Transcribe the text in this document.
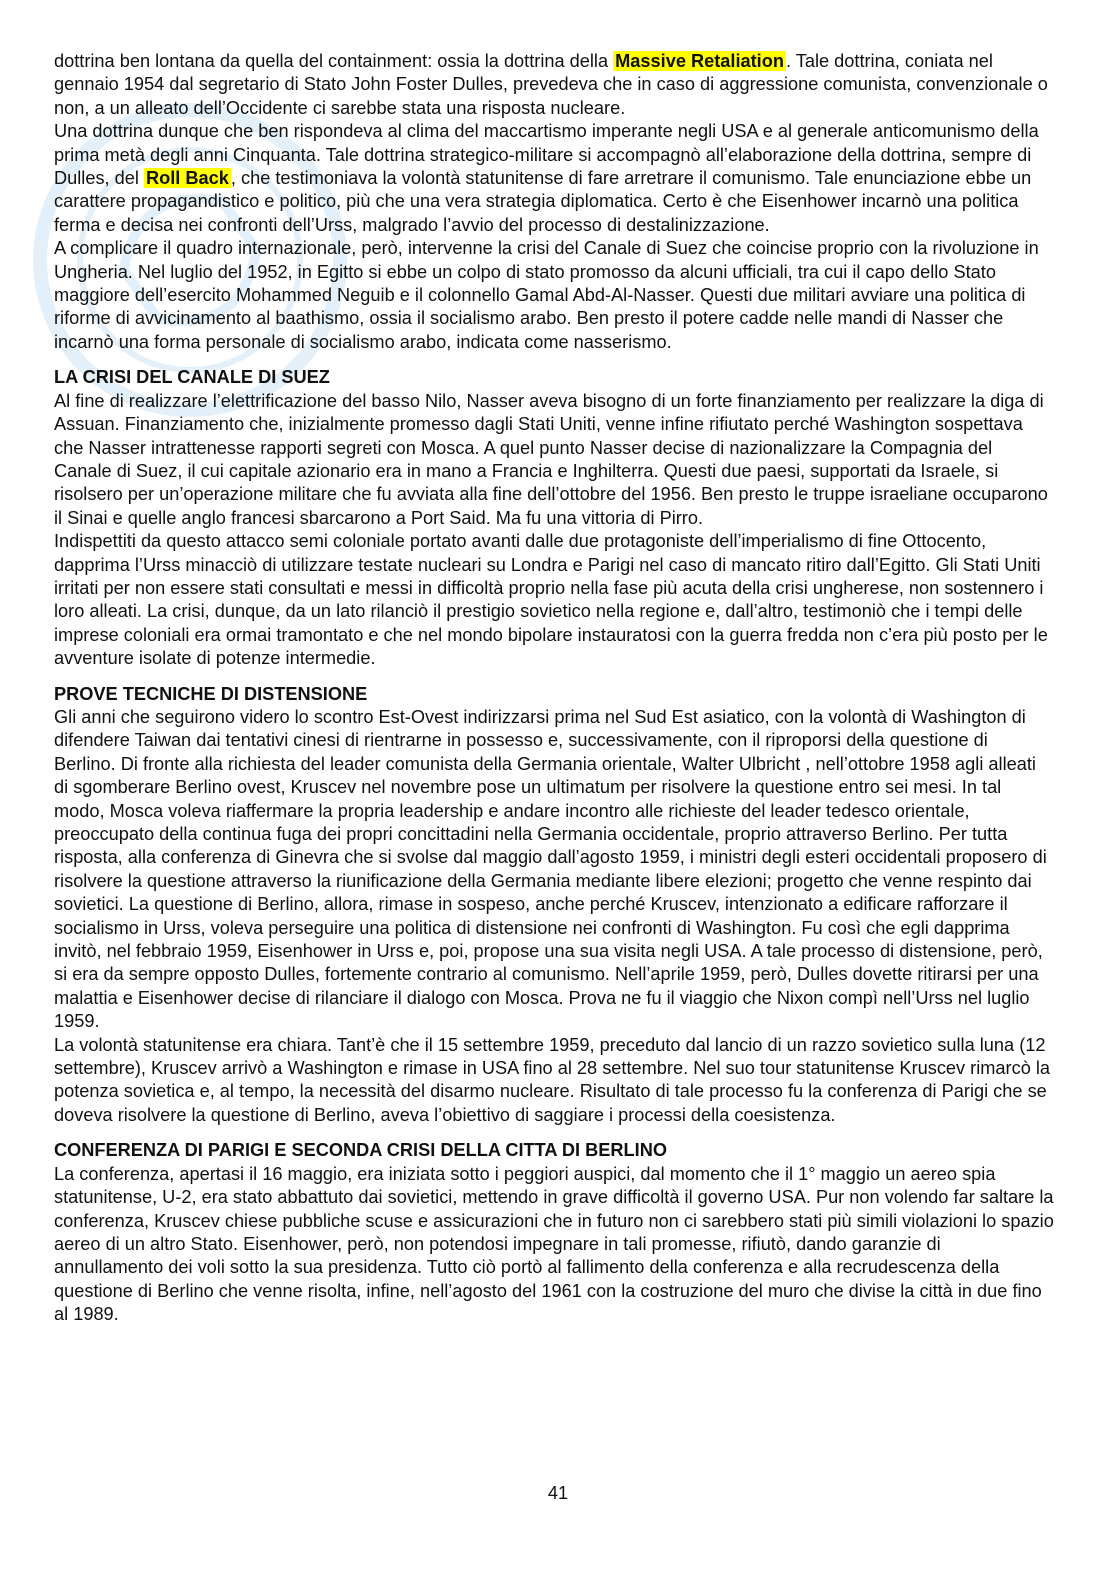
dottrina ben lontana da quella del containment: ossia la dottrina della Massive Retaliation . Tale dottrina, coniata nel gennaio 1954 dal segretario di Stato John Foster Dulles, prevedeva che in caso di aggressione comunista, convenzionale o non, a un alleato dell’Occidente ci sarebbe stata una risposta nucleare.

Una dottrina dunque che ben rispondeva al clima del maccartismo imperante negli USA e al generale anticomunismo della prima metà degli anni Cinquanta. Tale dottrina strategico-militare si accompagnò all’elaborazione della dottrina, sempre di Dulles, del Roll Back , che testimoniava la volontà statunitense di fare arretrare il comunismo. Tale enunciazione ebbe un carattere propagandistico e politico, più che una vera strategia diplomatica. Certo è che Eisenhower incarnò una politica ferma e decisa nei confronti dell’Urss, malgrado l’avvio del processo di destalinizzazione.

A complicare il quadro internazionale, però, intervenne la crisi del Canale di Suez che coincise proprio con la rivoluzione in Ungheria. Nel luglio del 1952, in Egitto si ebbe un colpo di stato promosso da alcuni ufficiali, tra cui il capo dello Stato maggiore dell’esercito Mohammed Neguib e il colonnello Gamal Abd-Al-Nasser. Questi due militari avviare una politica di riforme di avvicinamento al baathismo, ossia il socialismo arabo. Ben presto il potere cadde nelle mandi di Nasser che incarnò una forma personale di socialismo arabo, indicata come nasserismo.

LA CRISI DEL CANALE DI SUEZ

Al fine di realizzare l’elettrificazione del basso Nilo, Nasser aveva bisogno di un forte finanziamento per realizzare la diga di Assuan. Finanziamento che, inizialmente promesso dagli Stati Uniti, venne infine rifiutato perché Washington sospettava che Nasser intrattenesse rapporti segreti con Mosca. A quel punto Nasser decise di nazionalizzare la Compagnia del Canale di Suez, il cui capitale azionario era in mano a Francia e Inghilterra. Questi due paesi, supportati da Israele, si risolsero per un’operazione militare che fu avviata alla fine dell’ottobre del 1956. Ben presto le truppe israeliane occuparono il Sinai e quelle anglo francesi sbarcarono a Port Said. Ma fu una vittoria di Pirro.

Indispettiti da questo attacco semi coloniale portato avanti dalle due protagoniste dell’imperialismo di fine Ottocento, dapprima l’Urss minacciò di utilizzare testate nucleari su Londra e Parigi nel caso di mancato ritiro dall’Egitto. Gli Stati Uniti irritati per non essere stati consultati e messi in difficoltà proprio nella fase più acuta della crisi ungherese, non sostennero i loro alleati. La crisi, dunque, da un lato rilanciò il prestigio sovietico nella regione e, dall’altro, testimoniò che i tempi delle imprese coloniali era ormai tramontato e che nel mondo bipolare instauratosi con la guerra fredda non c’era più posto per le avventure isolate di potenze intermedie.

PROVE TECNICHE DI DISTENSIONE

Gli anni che seguirono videro lo scontro Est-Ovest indirizzarsi prima nel Sud Est asiatico, con la volontà di Washington di difendere Taiwan dai tentativi cinesi di rientrarne in possesso e, successivamente, con il riproporsi della questione di Berlino. Di fronte alla richiesta del leader comunista della Germania orientale, Walter Ulbricht , nell’ottobre 1958 agli alleati di sgomberare Berlino ovest, Kruscev nel novembre pose un ultimatum per risolvere la questione entro sei mesi. In tal modo, Mosca voleva riaffermare la propria leadership e andare incontro alle richieste del leader tedesco orientale, preoccupato della continua fuga dei propri concittadini nella Germania occidentale, proprio attraverso Berlino. Per tutta risposta, alla conferenza di Ginevra che si svolse dal maggio dall’agosto 1959, i ministri degli esteri occidentali proposero di risolvere la questione attraverso la riunificazione della Germania mediante libere elezioni; progetto che venne respinto dai sovietici. La questione di Berlino, allora, rimase in sospeso, anche perché Kruscev, intenzionato a edificare rafforzare il socialismo in Urss, voleva perseguire una politica di distensione nei confronti di Washington. Fu così che egli dapprima invitò, nel febbraio 1959, Eisenhower in Urss e, poi, propose una sua visita negli USA. A tale processo di distensione, però, si era da sempre opposto Dulles, fortemente contrario al comunismo. Nell’aprile 1959, però, Dulles dovette ritirarsi per una malattia e Eisenhower decise di rilanciare il dialogo con Mosca. Prova ne fu il viaggio che Nixon compì nell’Urss nel luglio 1959.

La volontà statunitense era chiara. Tant’è che il 15 settembre 1959, preceduto dal lancio di un razzo sovietico sulla luna (12 settembre), Kruscev arrivò a Washington e rimase in USA fino al 28 settembre. Nel suo tour statunitense Kruscev rimarcò la potenza sovietica e, al tempo, la necessità del disarmo nucleare. Risultato di tale processo fu la conferenza di Parigi che se doveva risolvere la questione di Berlino, aveva l’obiettivo di saggiare i processi della coesistenza.

CONFERENZA DI PARIGI E SECONDA CRISI DELLA CITTA DI BERLINO

La conferenza, apertasi il 16 maggio, era iniziata sotto i peggiori auspici, dal momento che il 1° maggio un aereo spia statunitense, U-2, era stato abbattuto dai sovietici, mettendo in grave difficoltà il governo USA. Pur non volendo far saltare la conferenza, Kruscev chiese pubbliche scuse e assicurazioni che in futuro non ci sarebbero stati più simili violazioni lo spazio aereo di un altro Stato. Eisenhower, però, non potendosi impegnare in tali promesse, rifiutò, dando garanzie di annullamento dei voli sotto la sua presidenza. Tutto ciò portò al fallimento della conferenza e alla recrudescenza della questione di Berlino che venne risolta, infine, nell’agosto del 1961 con la costruzione del muro che divise la città in due fino al 1989.

41
